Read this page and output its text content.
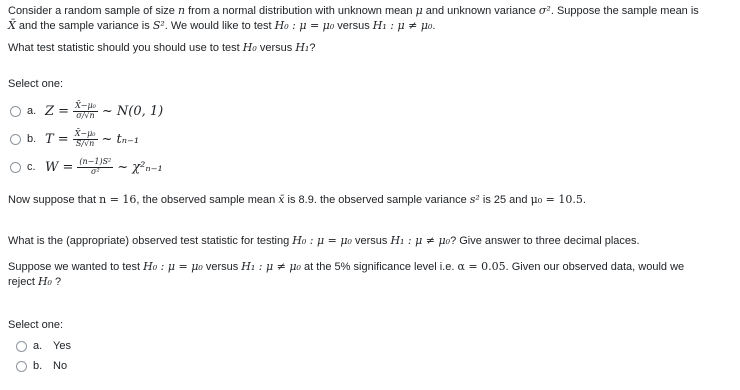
Consider a random sample of size n from a normal distribution with unknown mean μ and unknown variance σ². Suppose the sample mean is
X̄ and the sample variance is S². We would like to test H₀ : μ = μ₀ versus H₁ : μ ≠ μ₀.

What test statistic should you should use to test H₀ versus H₁?

Select one:

a. $Z = \frac{\text{X̄−μ₀}}{\sigma/√n}$ ~ N(0, 1)
b. $T = \frac{\text{X̄−μ₀}}{S/√n}$ ~ tₙ₋₁
c. $W = \frac{\text{(n−1)S²}}{\text{σ²}}$ ~ χ²ₙ₋₁

Now suppose that n = 16, the observed sample mean x̄ is 8.9. the observed sample variance s² is 25 and μ₀ = 10.5.

What is the (appropriate) observed test statistic for testing H₀ : μ = μ₀ versus H₁ : μ ≠ μ₀? Give answer to three decimal places.

Suppose we wanted to test H₀ : μ = μ₀ versus H₁ : μ ≠ μ₀ at the 5% significance level i.e. α = 0.05. Given our observed data, would we
reject H₀ ?

Select one:

a. Yes
b. No
